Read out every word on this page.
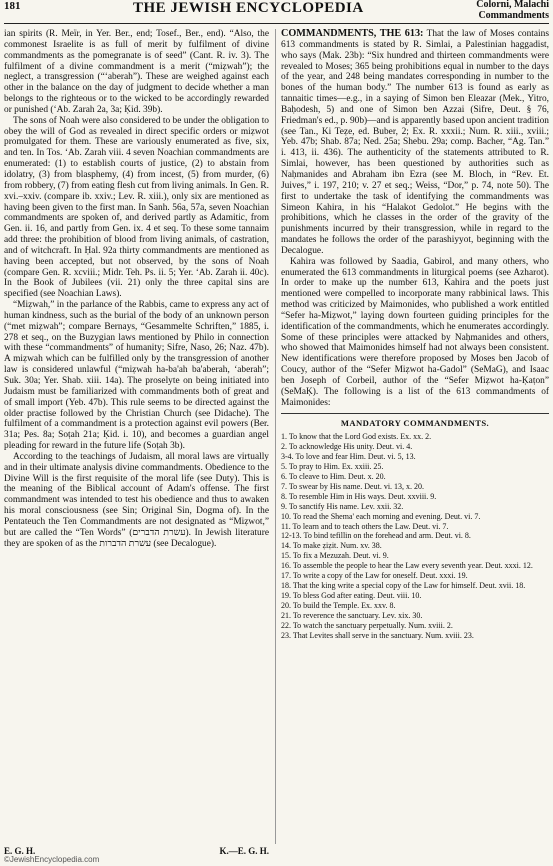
181	THE JEWISH ENCYCLOPEDIA	Colorni, Malachi
Commandments

ian spirits (R. Meïr, in Yer. Ber., end; Tosef., Ber., end). “Also, the commonest Israelite is as full of merit by fulfilment of divine commandments as the pomegranate is of seed” (Cant. R. iv. 3). The fulfilment of a divine commandment is a merit (“miẓwah”); the neglect, a transgression (“ʻaberah”). These are weighed against each other in the balance on the day of judgment to decide whether a man belongs to the righteous or to the wicked to be accordingly rewarded or punished (ʻAb. Zarah 2a, 3a; Ḳid. 39b).

The sons of Noah were also considered to be under the obligation to obey the will of God as revealed in direct specific orders or miẓwot promulgated for them. These are variously enumerated as five, six, and ten. In Tos. ʻAb. Zarah viii. 4 seven Noachian commandments are enumerated: (1) to establish courts of justice, (2) to abstain from idolatry, (3) from blasphemy, (4) from incest, (5) from murder, (6) from robbery, (7) from eating flesh cut from living animals. In Gen. R. xvi.–xxiv. (compare ib. xxiv.; Lev. R. xiii.), only six are mentioned as having been given to the first man. In Sanh. 56a, 57a, seven Noachian commandments are spoken of, and derived partly as Adamitic, from Gen. ii. 16, and partly from Gen. ix. 4 et seq. To these some tannaim add three: the prohibition of blood from living animals, of castration, and of witchcraft. In Ḥal. 92a thirty commandments are mentioned as having been accepted, but not observed, by the sons of Noah (compare Gen. R. xcviii.; Midr. Teh. Ps. ii. 5; Yer. ʻAb. Zarah ii. 40c). In the Book of Jubilees (vii. 21) only the three capital sins are specified (see Noachian Laws).

“Miẓwah,” in the parlance of the Rabbis, came to express any act of human kindness, such as the burial of the body of an unknown person (“met miẓwah”; compare Bernays, “Gesammelte Schriften,” 1885, i. 278 et seq., on the Buzygian laws mentioned by Philo in connection with these “commandments” of humanity; Sifre, Naso, 26; Naz. 47b). A miẓwah which can be fulfilled only by the transgression of another law is considered unlawful (“miẓwah ha-ba'ah ba'aberah, ʻaberah”; Suk. 30a; Yer. Shab. xiii. 14a). The proselyte on being initiated into Judaism must be familiarized with commandments both of great and of small import (Yeb. 47b). This rule seems to be directed against the older practise followed by the Christian Church (see Didache). The fulfilment of a commandment is a protection against evil powers (Ber. 31a; Pes. 8a; Soṭah 21a; Ḳid. i. 10), and becomes a guardian angel pleading for reward in the future life (Soṭah 3b).

According to the teachings of Judaism, all moral laws are virtually and in their ultimate analysis divine commandments. Obedience to the Divine Will is the first requisite of the moral life (see Duty). This is the meaning of the Biblical account of Adam's offense. The first commandment was intended to test his obedience and thus to awaken his moral consciousness (see Sin; Original Sin, Dogma of). In the Pentateuch the Ten Commandments are not designated as “Miẓwot,” but are called the “Ten Words” (עשרת הדברים). In Jewish literature they are spoken of as the עשרת הדברות (see Decalogue).

COMMANDMENTS, THE 613: That the law of Moses contains 613 commandments is stated by R. Simlai, a Palestinian haggadist, who says (Mak. 23b): “Six hundred and thirteen commandments were revealed to Moses; 365 being prohibitions equal in number to the days of the year, and 248 being mandates corresponding in number to the bones of the human body.” The number 613 is found as early as tannaitic times—e.g., in a saying of Simon ben Eleazar (Mek., Yitro, Baḥodesh, 5) and one of Simon ben Azzai (Sifre, Deut. § 76, Friedman's ed., p. 90b)—and is apparently based upon ancient tradition (see Tan., Ki Teẓe, ed. Buber, 2; Ex. R. xxxii.; Num. R. xiii., xviii.; Yeb. 47b; Shab. 87a; Ned. 25a; Shebu. 29a; comp. Bacher, “Ag. Tan.” i. 413, ii. 436). The authenticity of the statements attributed to R. Simlai, however, has been questioned by authorities such as Naḥmanides and Abraham ibn Ezra (see M. Bloch, in “Rev. Et. Juives,” i. 197, 210; v. 27 et seq.; Weiss, “Dor,” p. 74, note 50). The first to undertake the task of identifying the commandments was Simeon Kahira, in his “Halakot Gedolot.” He begins with the prohibitions, which he classes in the order of the gravity of the punishments incurred by their transgression, while in regard to the mandates he follows the order of the parashiyyot, beginning with the Decalogue.

Kahira was followed by Saadia, Gabirol, and many others, who enumerated the 613 commandments in liturgical poems (see Azharot). In order to make up the number 613, Kahira and the poets just mentioned were compelled to incorporate many rabbinical laws. This method was criticized by Maimonides, who published a work entitled “Sefer ha-Miẓwot,” laying down fourteen guiding principles for the identification of the commandments, which he enumerates accordingly. Some of these principles were attacked by Naḥmanides and others, who showed that Maimonides himself had not always been consistent. New identifications were therefore proposed by Moses ben Jacob of Coucy, author of the “Sefer Miẓwot ha-Gadol” (SeMaG), and Isaac ben Joseph of Corbeil, author of the “Sefer Miẓwot ha-Ḳaṭon” (SeMaḲ). The following is a list of the 613 commandments of Maimonides:

MANDATORY COMMANDMENTS.
1. To know that the Lord God exists. Ex. xx. 2.
2. To acknowledge His unity. Deut. vi. 4.
3-4. To love and fear Him. Deut. vi. 5, 13.
5. To pray to Him. Ex. xxiii. 25.
6. To cleave to Him. Deut. x. 20.
7. To swear by His name. Deut. vi. 13, x. 20.
8. To resemble Him in His ways. Deut. xxviii. 9.
9. To sanctify His name. Lev. xxii. 32.
10. To read the Shema' each morning and evening. Deut. vi. 7.
11. To learn and to teach others the Law. Deut. vi. 7.
12-13. To bind tefillin on the forehead and arm. Deut. vi. 8.
14. To make ẓiẓit. Num. xv. 38.
15. To fix a Mezuzah. Deut. vi. 9.
16. To assemble the people to hear the Law every seventh year. Deut. xxxi. 12.
17. To write a copy of the Law for oneself. Deut. xxxi. 19.
18. That the king write a special copy of the Law for himself. Deut. xvii. 18.
19. To bless God after eating. Deut. viii. 10.
20. To build the Temple. Ex. xxv. 8.
21. To reverence the sanctuary. Lev. xix. 30.
22. To watch the sanctuary perpetually. Num. xviii. 2.
23. That Levites shall serve in the sanctuary. Num. xviii. 23.
E. G. H.	K.—E. G. H.
©JewishEncyclopedia.com
